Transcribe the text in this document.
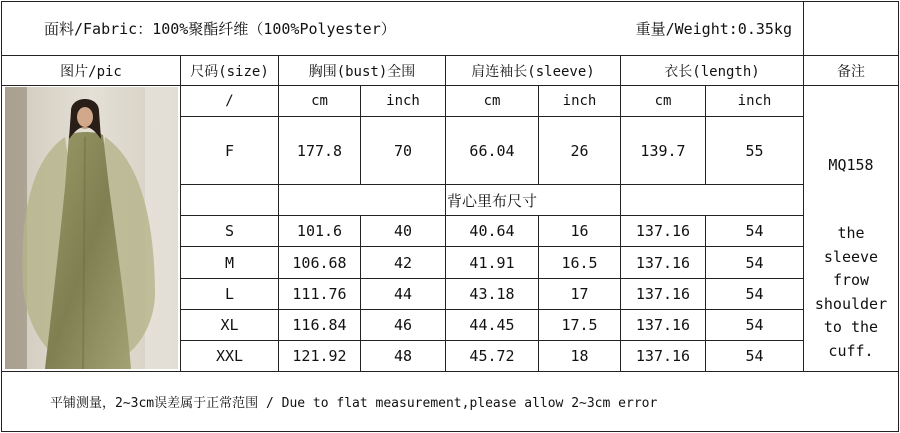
面料/Fabric：100%聚酯纤维（100%Polyester）	重量/Weight:0.35kg
图片/pic	尺码(size)	胸围(bust)全围	肩连袖长(sleeve)	衣长(length)	备注
/	cm	inch	cm	inch	cm	inch
F	177.8	70	66.04	26	139.7	55
背心里布尺寸
S	101.6	40	40.64	16	137.16	54
M	106.68	42	41.91	16.5	137.16	54
L	111.76	44	43.18	17	137.16	54
XL	116.84	46	44.45	17.5	137.16	54
XXL	121.92	48	45.72	18	137.16	54
MQ158
the
sleeve
frow
shoulder
to the
cuff.
平铺测量，2~3cm误差属于正常范围 / Due to flat measurement,please allow 2~3cm error
